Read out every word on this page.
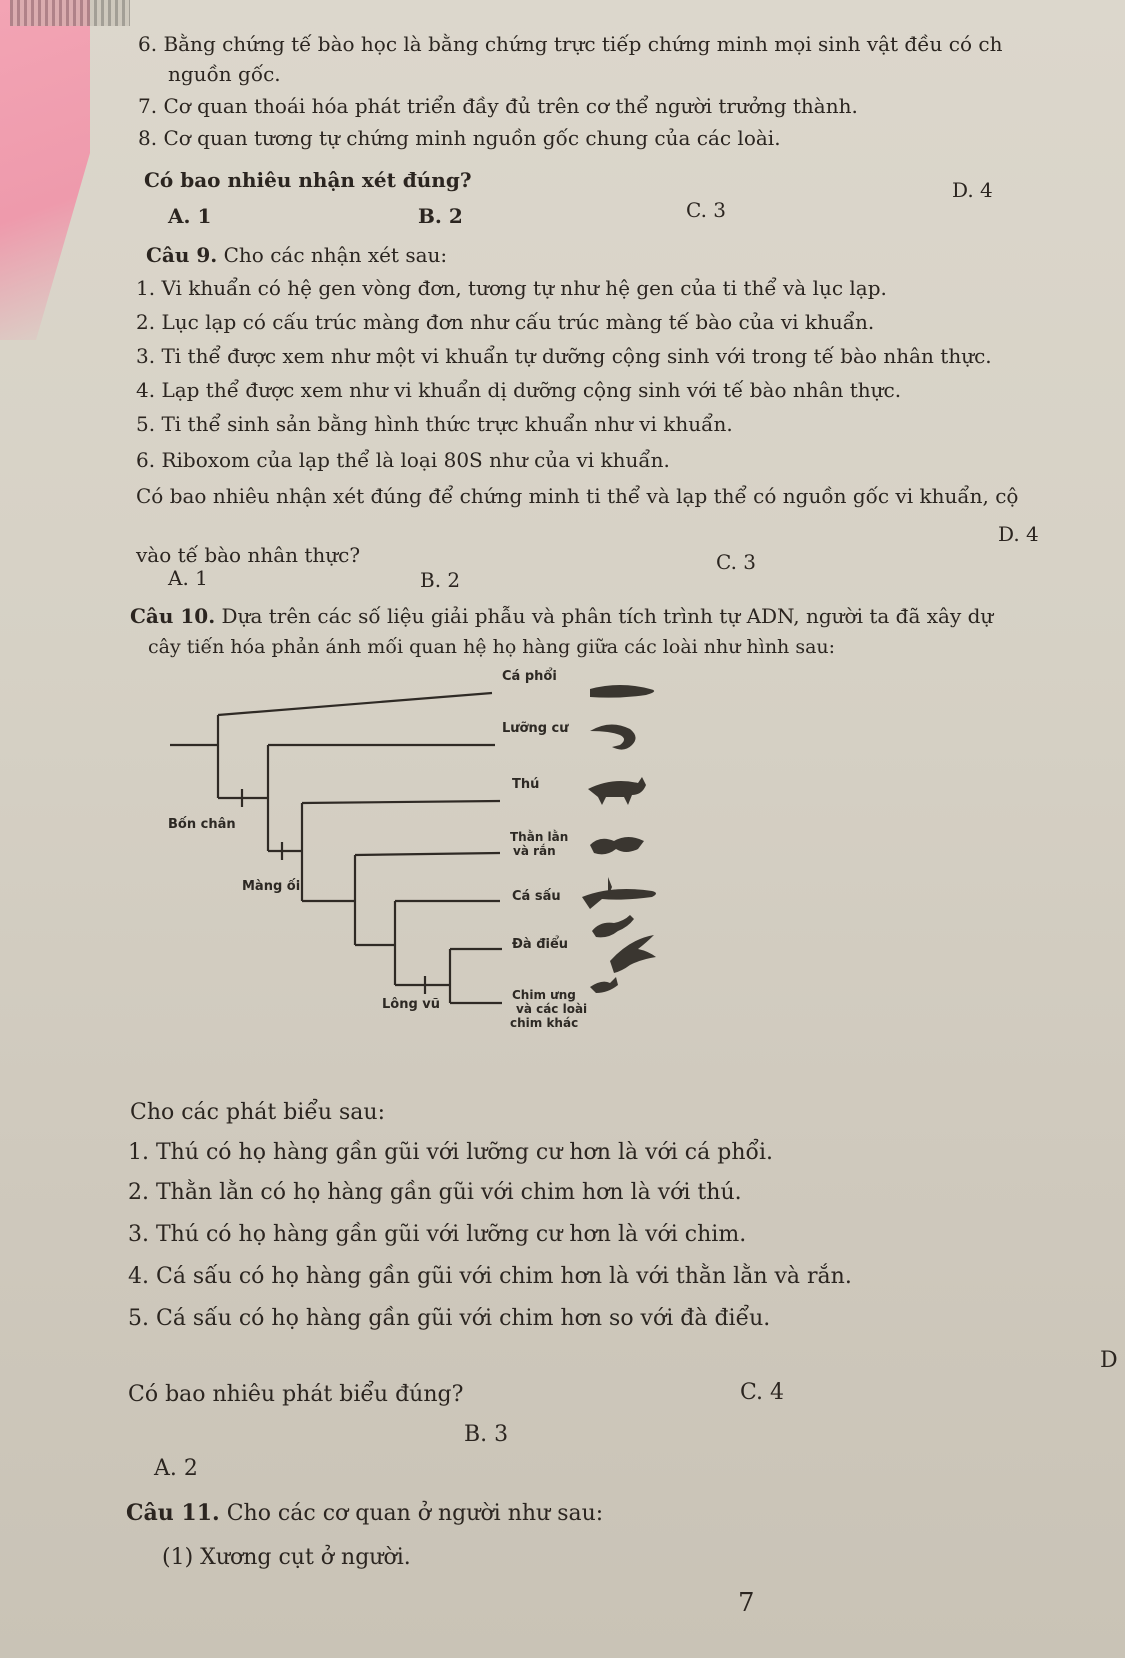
6. Bằng chứng tế bào học là bằng chứng trực tiếp chứng minh mọi sinh vật đều có ch
nguồn gốc.
7. Cơ quan thoái hóa phát triển đầy đủ trên cơ thể người trưởng thành.
8. Cơ quan tương tự chứng minh nguồn gốc chung của các loài.
Có bao nhiêu nhận xét đúng?
A. 1	B. 2	C. 3
D. 4
Câu 9. Cho các nhận xét sau:
1. Vi khuẩn có hệ gen vòng đơn, tương tự như hệ gen của ti thể và lục lạp.
2. Lục lạp có cấu trúc màng đơn như cấu trúc màng tế bào của vi khuẩn.
3. Ti thể được xem như một vi khuẩn tự dưỡng cộng sinh với trong tế bào nhân thực.
4. Lạp thể được xem như vi khuẩn dị dưỡng cộng sinh với tế bào nhân thực.
5. Ti thể sinh sản bằng hình thức trực khuẩn như vi khuẩn.
6. Riboxom của lạp thể là loại 80S như của vi khuẩn.
Có bao nhiêu nhận xét đúng để chứng minh ti thể và lạp thể có nguồn gốc vi khuẩn, cộ
vào tế bào nhân thực?
A. 1	B. 2
C. 3
D. 4
Câu 10. Dựa trên các số liệu giải phẫu và phân tích trình tự ADN, người ta đã xây dự
cây tiến hóa phản ánh mối quan hệ họ hàng giữa các loài như hình sau:
Cá phổi
Lưỡng cư
Thú
Thằn lằn
và rắn
Cá sấu
Đà điểu
Chim ưng
và các loài
chim khác
Bốn chân
Màng ối
Lông vũ
Cho các phát biểu sau:
1. Thú có họ hàng gần gũi với lưỡng cư hơn là với cá phổi.
2. Thằn lằn có họ hàng gần gũi với chim hơn là với thú.
3. Thú có họ hàng gần gũi với lưỡng cư hơn là với chim.
4. Cá sấu có họ hàng gần gũi với chim hơn là với thằn lằn và rắn.
5. Cá sấu có họ hàng gần gũi với chim hơn so với đà điểu.
Có bao nhiêu phát biểu đúng?
A. 2
B. 3
C. 4
D
Câu 11. Cho các cơ quan ở người như sau:
(1) Xương cụt ở người.
7
